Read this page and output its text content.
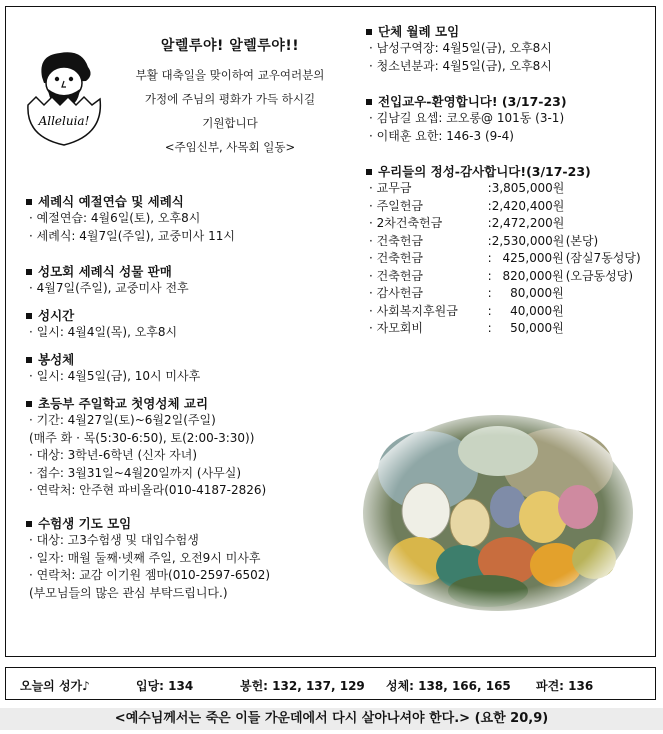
Alleluia!
알렐루야! 알렐루야!!
부활 대축일을 맞이하여 교우여러분의
가정에 주님의 평화가 가득 하시길
기원합니다
<주임신부, 사목회 일동>
세례식 예절연습 및 세례식
· 예절연습: 4월6일(토), 오후8시
· 세례식: 4월7일(주일), 교중미사 11시
성모회 세례식 성물 판매
· 4월7일(주일), 교중미사 전후
성시간
· 일시: 4월4일(목), 오후8시
봉성체
· 일시: 4월5일(금), 10시 미사후
초등부 주일학교 첫영성체 교리
· 기간: 4월27일(토)~6월2일(주일)
(매주 화 · 목(5:30-6:50), 토(2:00-3:30))
· 대상: 3학년-6학년 (신자 자녀)
· 접수: 3월31일~4월20일까지 (사무실)
· 연락처: 안주현 파비올라(010-4187-2826)
수험생 기도 모임
· 대상: 고3수험생 및 대입수험생
· 일자: 매월 둘째·넷째 주일, 오전9시 미사후
· 연락처: 교감 이기원 젬마(010-2597-6502)
(부모님들의 많은 관심 부탁드립니다.)
단체 월례 모임
· 남성구역장: 4월5일(금), 오후8시
· 청소년분과: 4월5일(금), 오후8시
전입교우-환영합니다! (3/17-23)
· 김남길 요셉: 코오롱@ 101동 (3-1)
· 이태훈 요한: 146-3 (9-4)
우리들의 정성-감사합니다!(3/17-23)
· 교무금	: 3,805,000원
· 주일헌금	: 2,420,400원
· 2차건축헌금	: 2,472,200원
· 건축헌금	: 2,530,000원 (본당)
· 건축헌금	: 425,000원 (잠실7동성당)
· 건축헌금	: 820,000원 (오금동성당)
· 감사헌금	:	80,000원
· 사회복지후원금	:	40,000원
· 자모회비	:	50,000원
오늘의 성가♪	입당: 134	봉헌: 132, 137, 129 성체: 138, 166, 165 파견: 136
<예수님께서는 죽은 이들 가운데에서 다시 살아나셔야 한다.> (요한 20,9)
